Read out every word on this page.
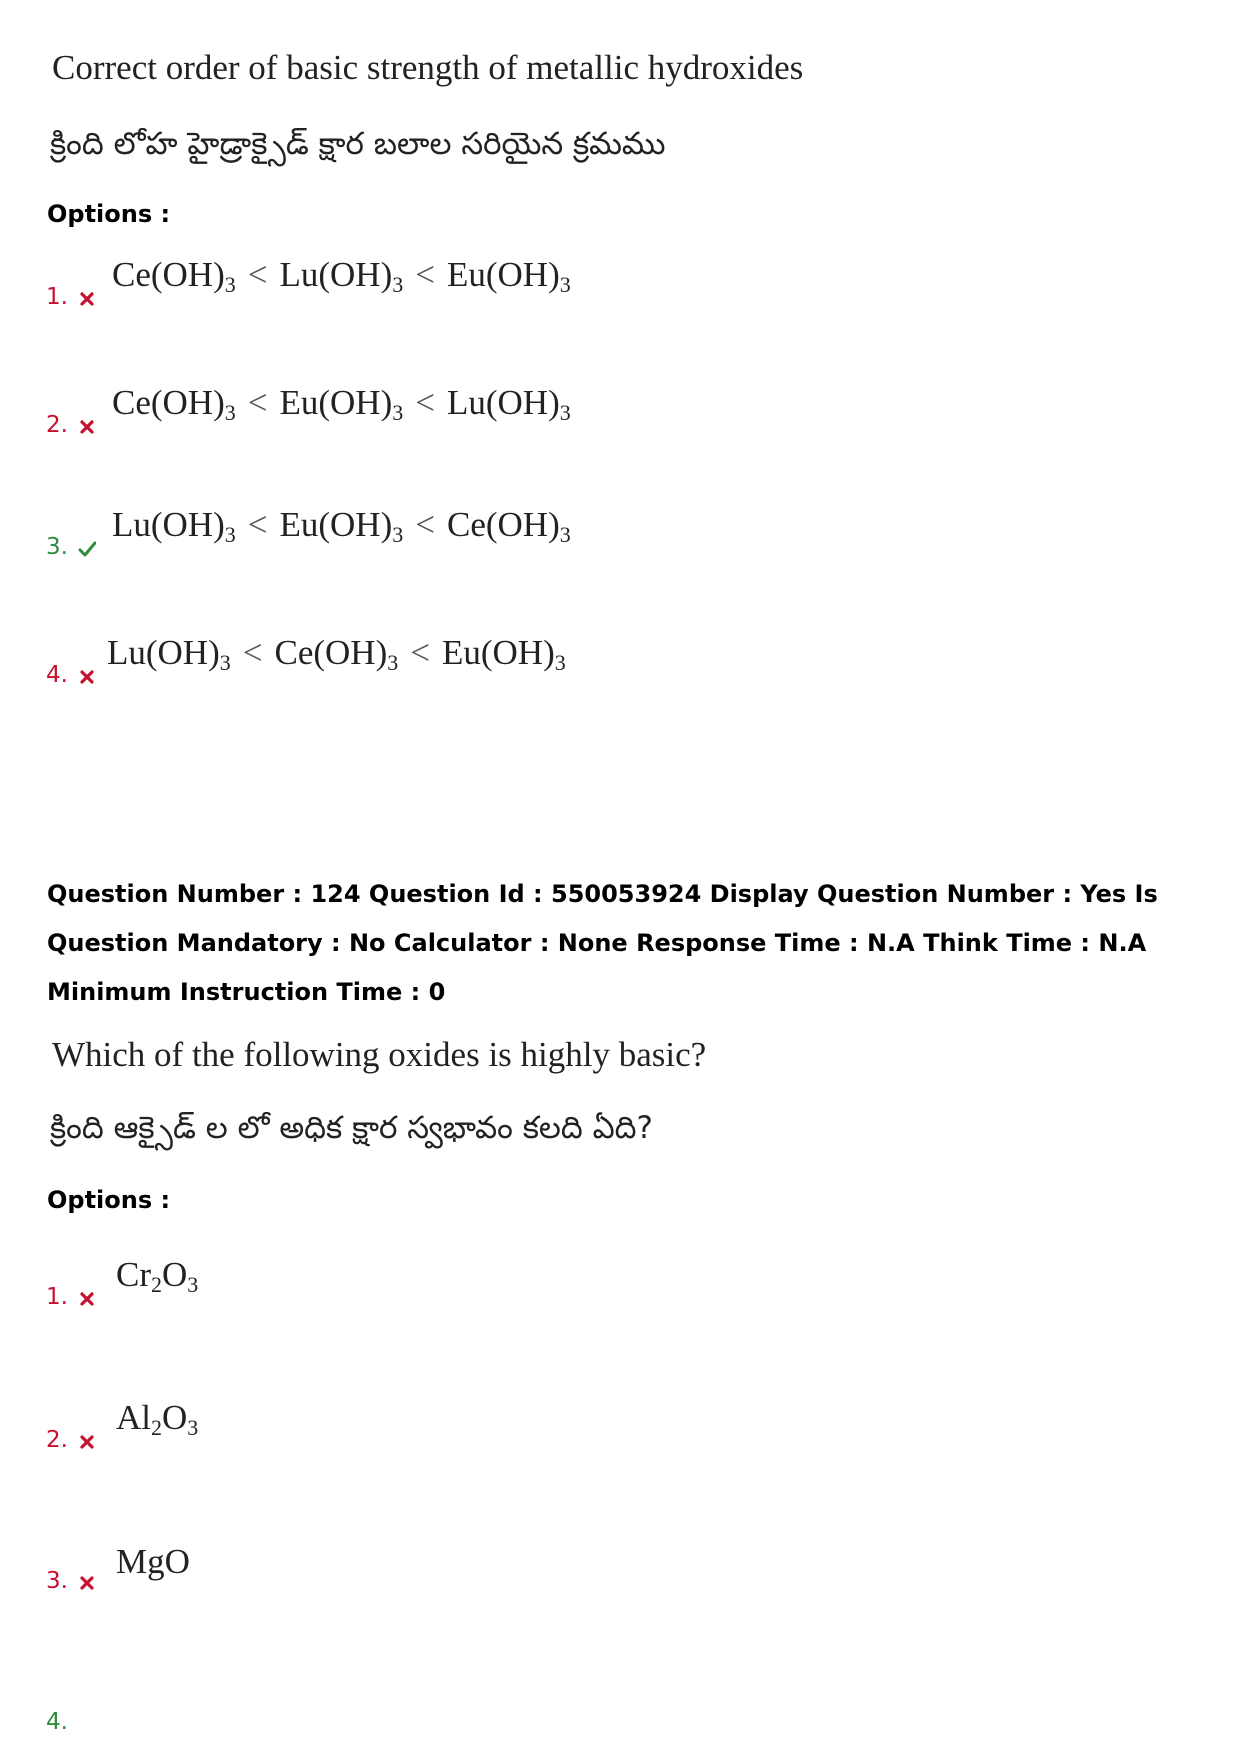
Correct order of basic strength of metallic hydroxides
క్రింది లోహ హైడ్రాక్సైడ్ క్షార బలాల సరియైన క్రమము
Options :
1.
$Ce(OH)_3 < Lu(OH)_3 < Eu(OH)_3$
2.
$Ce(OH)_3 < Eu(OH)_3 < Lu(OH)_3$
3.
$Lu(OH)_3 < Eu(OH)_3 < Ce(OH)_3$
4.
$Lu(OH)_3 < Ce(OH)_3 < Eu(OH)_3$
Question Number : 124 Question Id : 550053924 Display Question Number : Yes Is Question Mandatory : No Calculator : None Response Time : N.A Think Time : N.A Minimum Instruction Time : 0
Which of the following oxides is highly basic?
క్రింది ఆక్సైడ్ ల లో అధిక క్షార స్వభావం కలది ఏది?
Options :
1.
$Cr_2O_3$
2.
$Al_2O_3$
3. MgO
4.
